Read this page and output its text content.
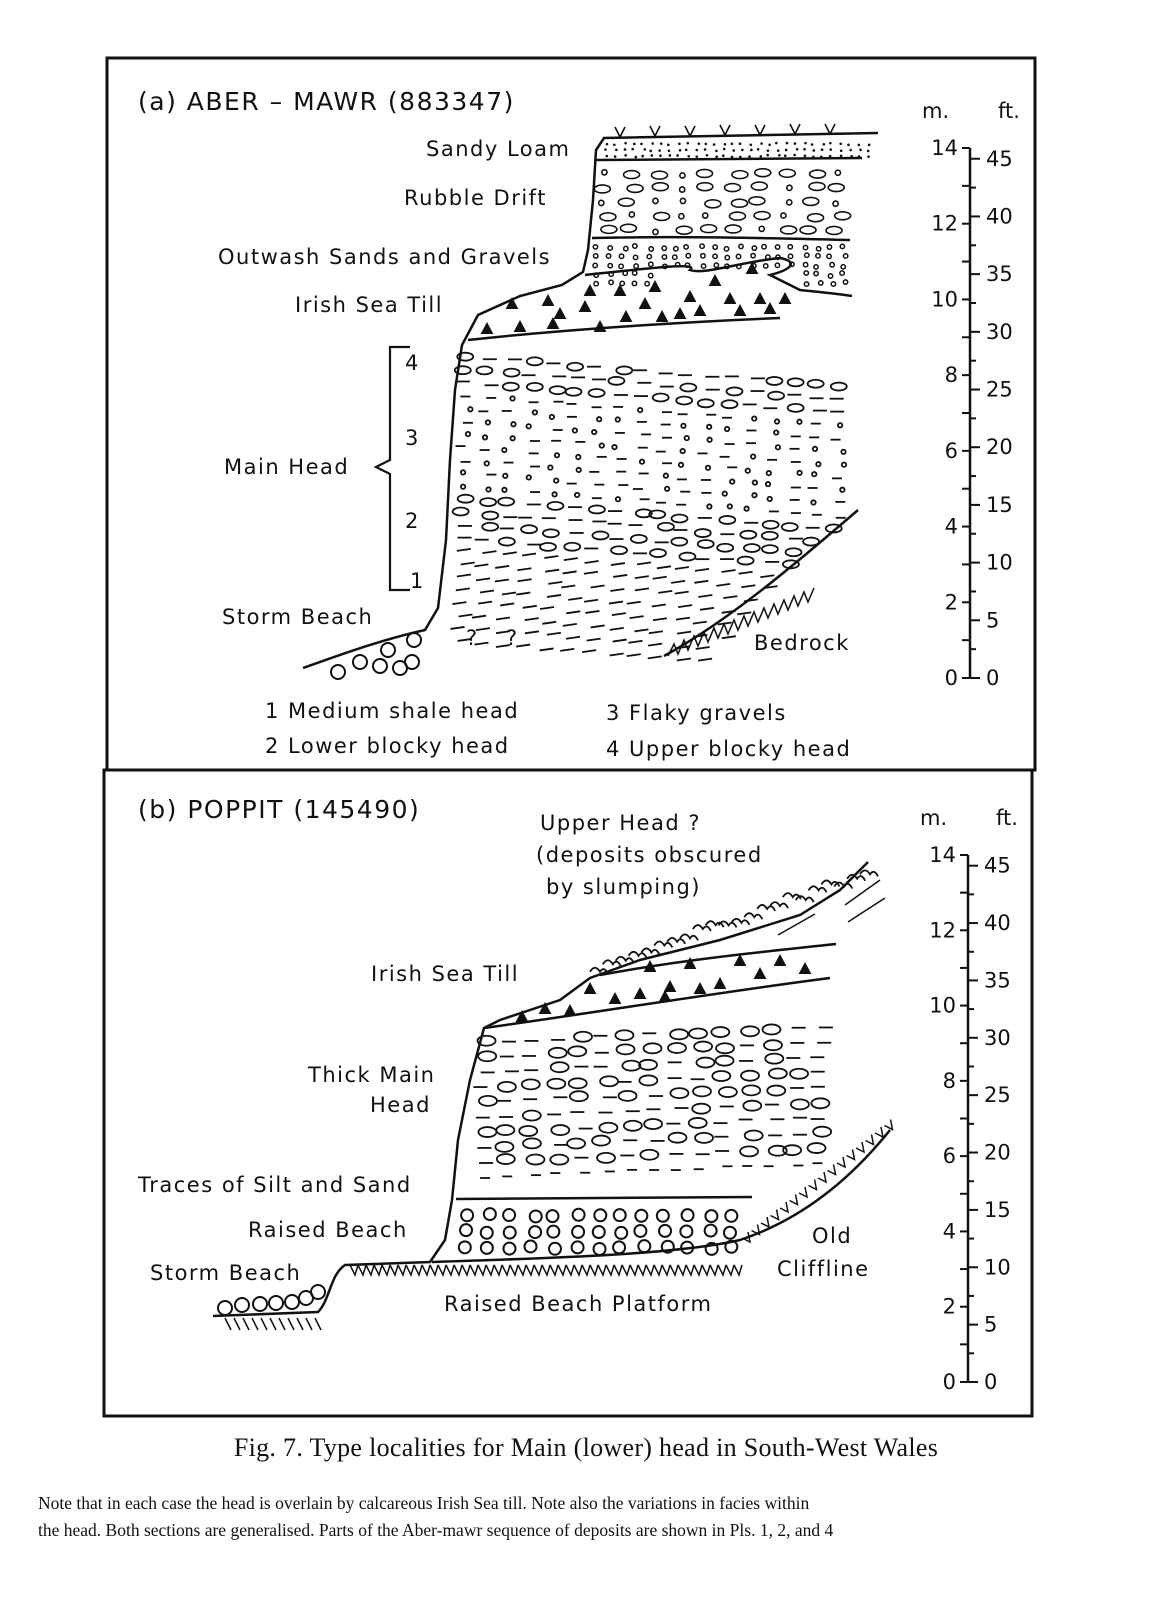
(a) ABER – MAWR (883347)
Sandy Loam
Rubble Drift
Outwash Sands and Gravels
Irish Sea Till
Main Head
Storm Beach
Bedrock
4
3
2
1
? ?
1 Medium shale head
2 Lower blocky head
3 Flaky gravels
4 Upper blocky head
(b) POPPIT (145490)	Upper Head ?
(deposits obscured
by slumping)
Irish Sea Till
Thick Main
Head
Traces of Silt and Sand
Raised Beach
Storm Beach
Old
Cliffline
Raised Beach Platform
m. ft.
0
2
4
6
8
10
12
14
0
5
10
15
20
25
30
35
40
45
m. ft.
0
2
4
6
8
10
12
14
0
5
10
15
20
25
30
35
40
45
Fig. 7. Type localities for Main (lower) head in South-West Wales
Note that in each case the head is overlain by calcareous Irish Sea till. Note also the variations in facies within
the head. Both sections are generalised. Parts of the Aber-mawr sequence of deposits are shown in Pls. 1, 2, and 4
